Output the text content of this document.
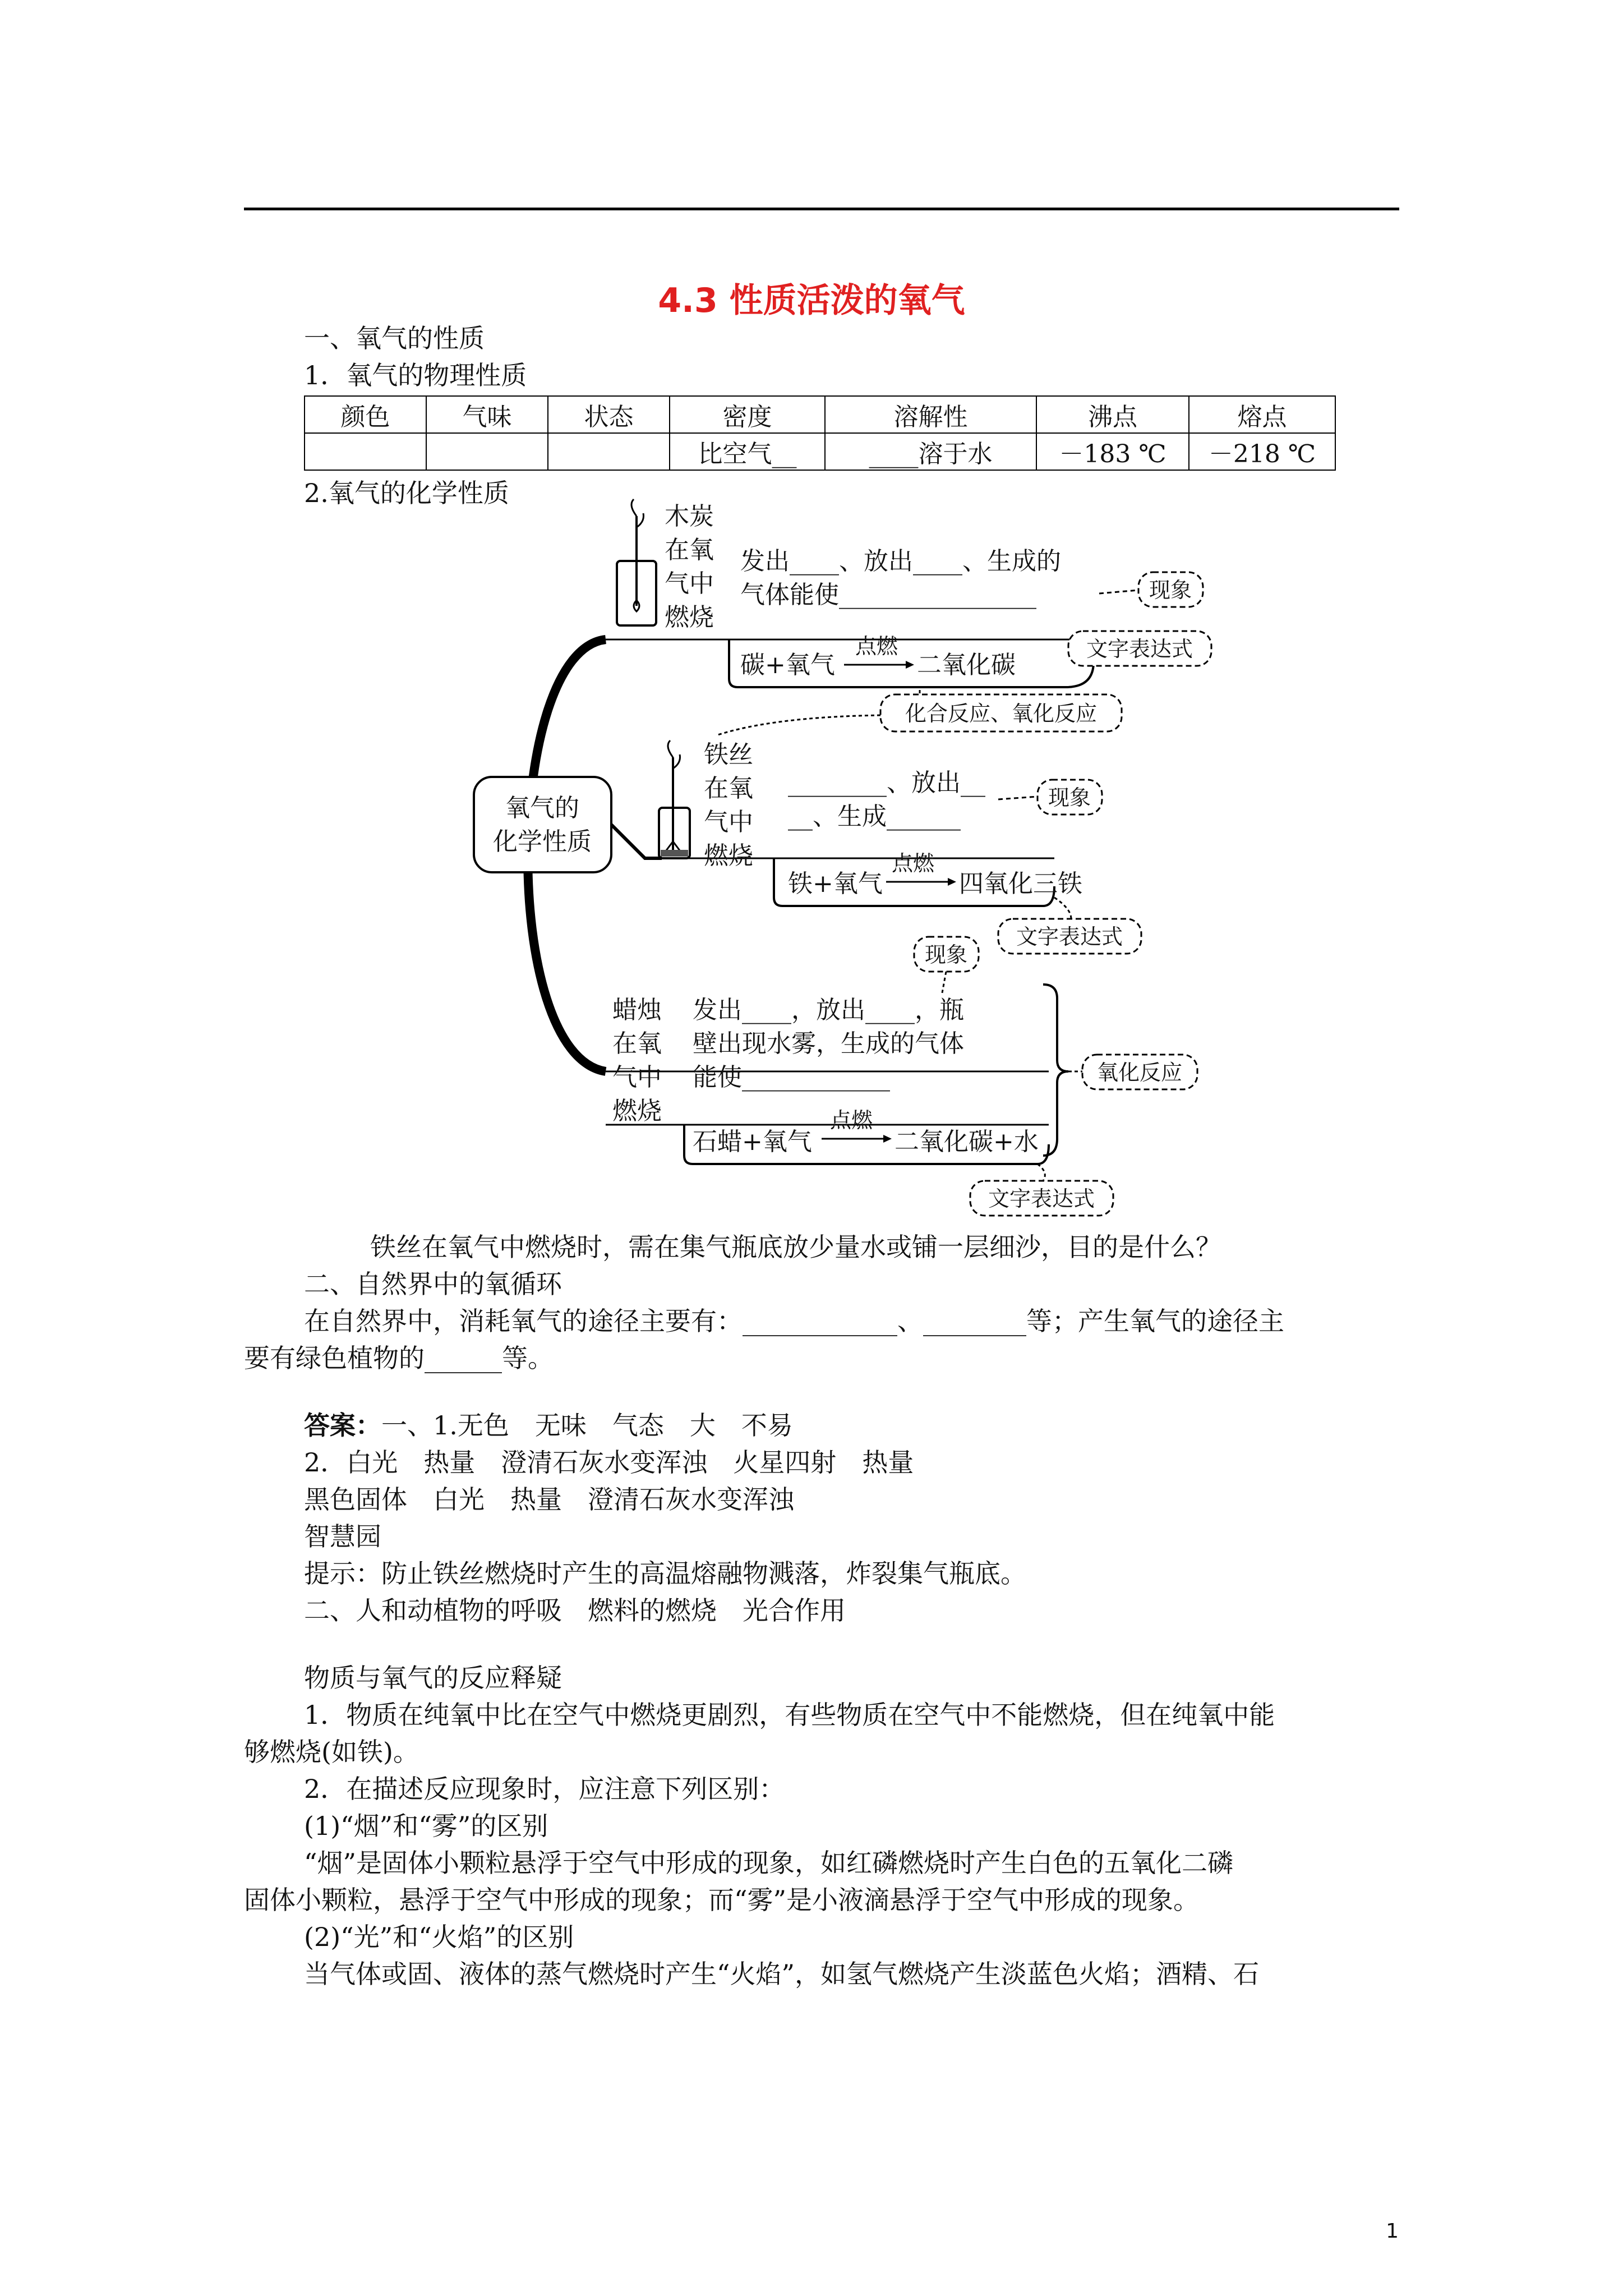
4.3 性质活泼的氧气
一、氧气的性质
1．氧气的物理性质
颜色	气味	状态	密度	溶解性	沸点	熔点
			比空气__	____溶于水	－183 ℃	－218 ℃
2.氧气的化学性质
氧气的
化学性质
木炭
在氧
气中
燃烧
发出____、放出____、生成的
气体能使________________
碳+氧气
点燃
二氧化碳
现象
文字表达式
化合反应、氧化反应
铁丝
在氧
气中
燃烧
________、放出__
__、生成______
铁+氧气
点燃
四氧化三铁
现象
文字表达式
现象
蜡烛
在氧
气中
燃烧
发出____，放出____，瓶
壁出现水雾，生成的气体
能使____________
石蜡+氧气
点燃
二氧化碳+水
氧化反应
文字表达式
铁丝在氧气中燃烧时，需在集气瓶底放少量水或铺一层细沙，目的是什么？
二、自然界中的氧循环
在自然界中，消耗氧气的途径主要有：____________、________等；产生氧气的途径主
要有绿色植物的______等。
答案：一、1.无色　无味　气态　大　不易
2．白光　热量　澄清石灰水变浑浊　火星四射　热量
黑色固体　白光　热量　澄清石灰水变浑浊
智慧园
提示：防止铁丝燃烧时产生的高温熔融物溅落，炸裂集气瓶底。
二、人和动植物的呼吸　燃料的燃烧　光合作用
物质与氧气的反应释疑
1．物质在纯氧中比在空气中燃烧更剧烈，有些物质在空气中不能燃烧，但在纯氧中能
够燃烧(如铁)。
2．在描述反应现象时，应注意下列区别：
(1)“烟”和“雾”的区别
“烟”是固体小颗粒悬浮于空气中形成的现象，如红磷燃烧时产生白色的五氧化二磷
固体小颗粒，悬浮于空气中形成的现象；而“雾”是小液滴悬浮于空气中形成的现象。
(2)“光”和“火焰”的区别
当气体或固、液体的蒸气燃烧时产生“火焰”，如氢气燃烧产生淡蓝色火焰；酒精、石
1
